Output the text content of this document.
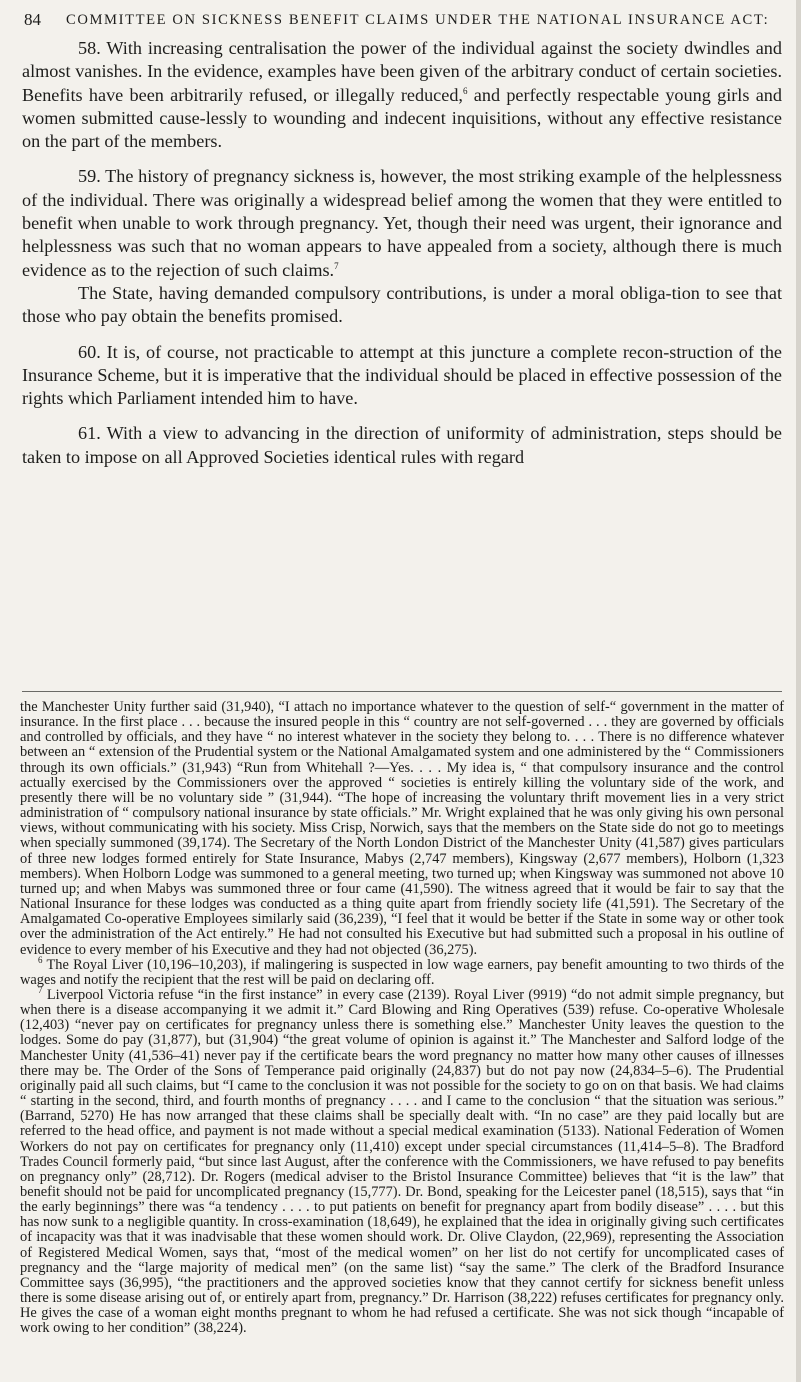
84 COMMITTEE ON SICKNESS BENEFIT CLAIMS UNDER THE NATIONAL INSURANCE ACT:

58. With increasing centralisation the power of the individual against the society dwindles and almost vanishes. In the evidence, examples have been given of the arbitrary conduct of certain societies. Benefits have been arbitrarily refused, or illegally reduced,$^6$ and perfectly respectable young girls and women submitted cause-lessly to wounding and indecent inquisitions, without any effective resistance on the part of the members.

59. The history of pregnancy sickness is, however, the most striking example of the helplessness of the individual. There was originally a widespread belief among the women that they were entitled to benefit when unable to work through pregnancy. Yet, though their need was urgent, their ignorance and helplessness was such that no woman appears to have appealed from a society, although there is much evidence as to the rejection of such claims.$^7$

The State, having demanded compulsory contributions, is under a moral obliga-tion to see that those who pay obtain the benefits promised.

60. It is, of course, not practicable to attempt at this juncture a complete recon-struction of the Insurance Scheme, but it is imperative that the individual should be placed in effective possession of the rights which Parliament intended him to have.

61. With a view to advancing in the direction of uniformity of administration, steps should be taken to impose on all Approved Societies identical rules with regard

the Manchester Unity further said (31,940), “I attach no importance whatever to the question of self-“ government in the matter of insurance. In the first place . . . because the insured people in this “ country are not self-governed . . . they are governed by officials and controlled by officials, and they have “ no interest whatever in the society they belong to. . . . There is no difference whatever between an “ extension of the Prudential system or the National Amalgamated system and one administered by the “ Commissioners through its own officials.” (31,943) “Run from Whitehall ?—Yes. . . . My idea is, “ that compulsory insurance and the control actually exercised by the Commissioners over the approved “ societies is entirely killing the voluntary side of the work, and presently there will be no voluntary side ” (31,944). “The hope of increasing the voluntary thrift movement lies in a very strict administration of “ compulsory national insurance by state officials.” Mr. Wright explained that he was only giving his own personal views, without communicating with his society. Miss Crisp, Norwich, says that the members on the State side do not go to meetings when specially summoned (39,174). The Secretary of the North London District of the Manchester Unity (41,587) gives particulars of three new lodges formed entirely for State Insurance, Mabys (2,747 members), Kingsway (2,677 members), Holborn (1,323 members). When Holborn Lodge was summoned to a general meeting, two turned up; when Kingsway was summoned not above 10 turned up; and when Mabys was summoned three or four came (41,590). The witness agreed that it would be fair to say that the National Insurance for these lodges was conducted as a thing quite apart from friendly society life (41,591). The Secretary of the Amalgamated Co-operative Employees similarly said (36,239), “I feel that it would be better if the State in some way or other took over the administration of the Act entirely.” He had not consulted his Executive but had submitted such a proposal in his outline of evidence to every member of his Executive and they had not objected (36,275).

$^6$ The Royal Liver (10,196–10,203), if malingering is suspected in low wage earners, pay benefit amounting to two thirds of the wages and notify the recipient that the rest will be paid on declaring off.

$^7$ Liverpool Victoria refuse “in the first instance” in every case (2139). Royal Liver (9919) “do not admit simple pregnancy, but when there is a disease accompanying it we admit it.” Card Blowing and Ring Operatives (539) refuse. Co-operative Wholesale (12,403) “never pay on certificates for pregnancy unless there is something else.” Manchester Unity leaves the question to the lodges. Some do pay (31,877), but (31,904) “the great volume of opinion is against it.” The Manchester and Salford lodge of the Manchester Unity (41,536–41) never pay if the certificate bears the word pregnancy no matter how many other causes of illnesses there may be. The Order of the Sons of Temperance paid originally (24,837) but do not pay now (24,834–5–6). The Prudential originally paid all such claims, but “I came to the conclusion it was not possible for the society to go on on that basis. We had claims “ starting in the second, third, and fourth months of pregnancy . . . . and I came to the conclusion “ that the situation was serious.” (Barrand, 5270) He has now arranged that these claims shall be specially dealt with. “In no case” are they paid locally but are referred to the head office, and payment is not made without a special medical examination (5133). National Federation of Women Workers do not pay on certificates for pregnancy only (11,410) except under special circumstances (11,414–5–8). The Bradford Trades Council formerly paid, “but since last August, after the conference with the Commissioners, we have refused to pay benefits on pregnancy only” (28,712). Dr. Rogers (medical adviser to the Bristol Insurance Committee) believes that “it is the law” that benefit should not be paid for uncomplicated pregnancy (15,777). Dr. Bond, speaking for the Leicester panel (18,515), says that “in the early beginnings” there was “a tendency . . . . to put patients on benefit for pregnancy apart from bodily disease” . . . . but this has now sunk to a negligible quantity. In cross-examination (18,649), he explained that the idea in originally giving such certificates of incapacity was that it was inadvisable that these women should work. Dr. Olive Claydon, (22,969), representing the Association of Registered Medical Women, says that, “most of the medical women” on her list do not certify for uncomplicated cases of pregnancy and the “large majority of medical men” (on the same list) “say the same.” The clerk of the Bradford Insurance Committee says (36,995), “the practitioners and the approved societies know that they cannot certify for sickness benefit unless there is some disease arising out of, or entirely apart from, pregnancy.” Dr. Harrison (38,222) refuses certificates for pregnancy only. He gives the case of a woman eight months pregnant to whom he had refused a certificate. She was not sick though “incapable of work owing to her condition” (38,224).
